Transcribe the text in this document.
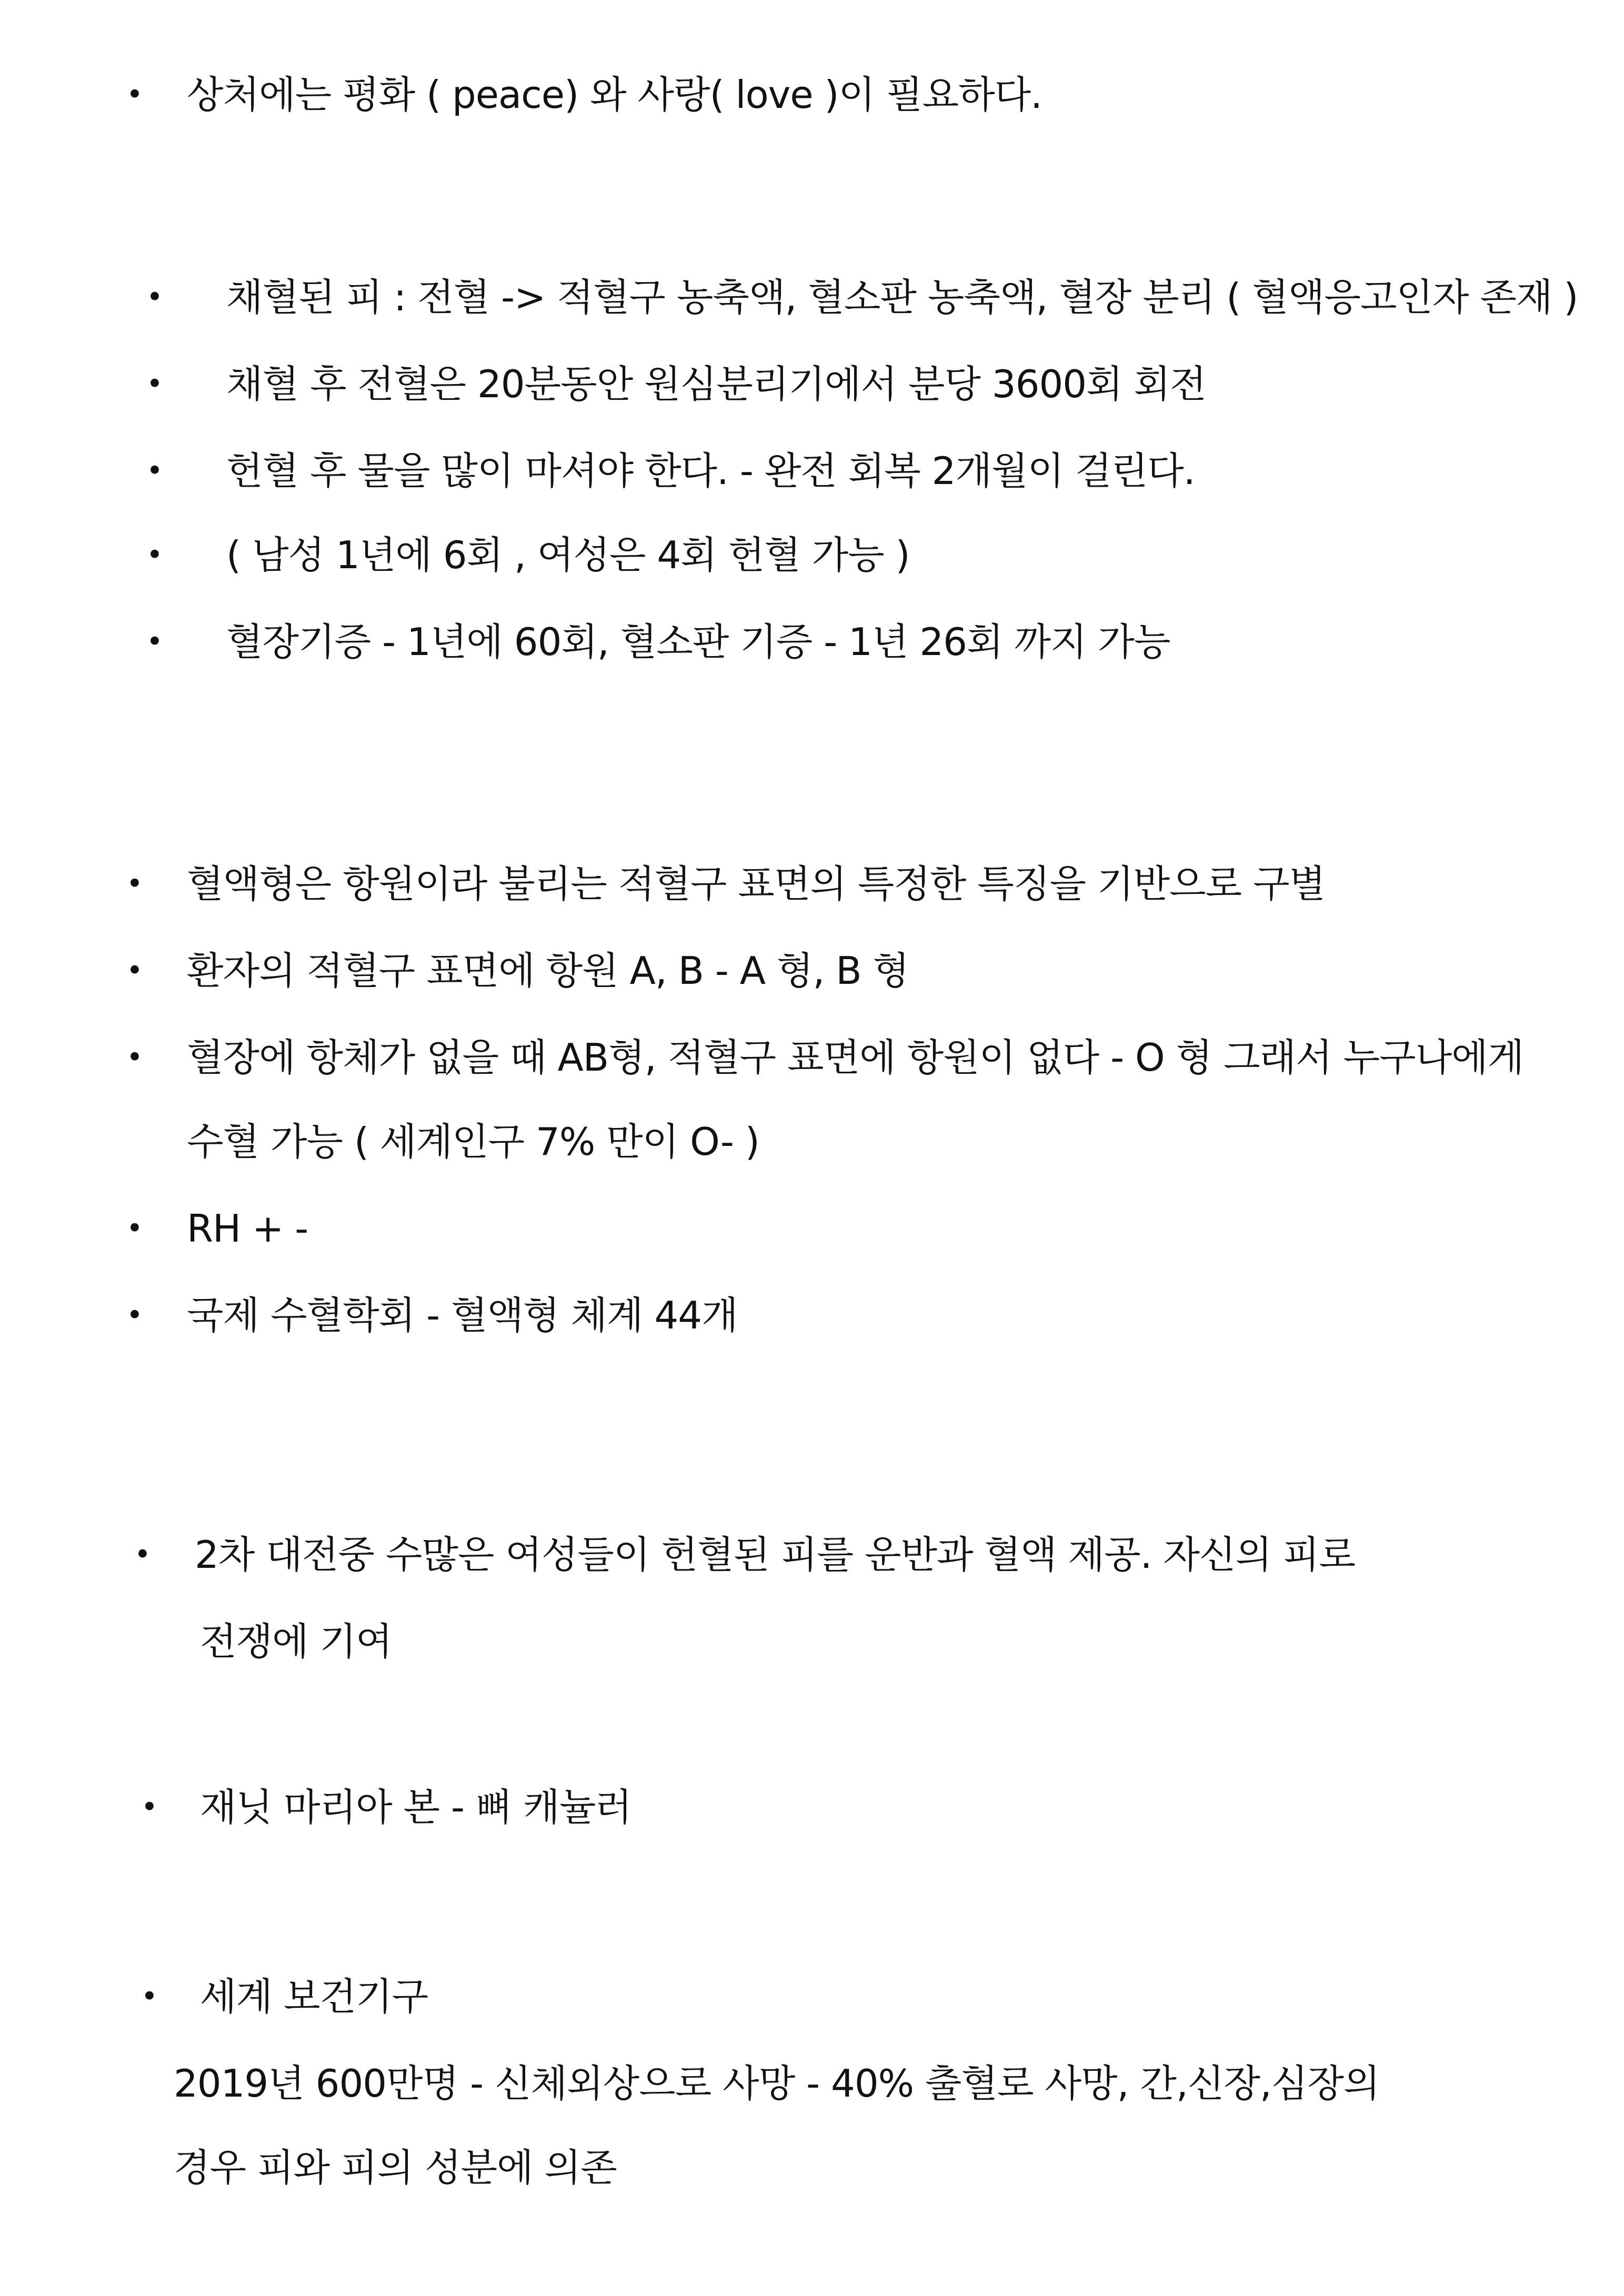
• 상처에는 평화 ( peace) 와 사랑( love )이 필요하다.
• 채혈된 피 : 전혈 -> 적혈구 농축액, 혈소판 농축액, 혈장 분리 ( 혈액응고인자 존재 )
• 채혈 후 전혈은 20분동안 원심분리기에서 분당 3600회 회전
• 헌혈 후 물을 많이 마셔야 한다. - 완전 회복 2개월이 걸린다.
• ( 남성 1년에 6회 , 여성은 4회 헌혈 가능 )
• 혈장기증 - 1년에 60회, 혈소판 기증 - 1년 26회 까지 가능
• 혈액형은 항원이라 불리는 적혈구 표면의 특정한 특징을 기반으로 구별
• 환자의 적혈구 표면에 항원 A, B - A 형, B 형
• 혈장에 항체가 없을 때 AB형, 적혈구 표면에 항원이 없다 - O 형 그래서 누구나에게
수혈 가능 ( 세계인구 7% 만이 O- )
• RH + -
• 국제 수혈학회 - 혈액형 체계 44개
• 2차 대전중 수많은 여성들이 헌혈된 피를 운반과 혈액 제공. 자신의 피로
전쟁에 기여
• 재닛 마리아 본 - 뼈 캐뉼러
• 세계 보건기구
2019년 600만명 - 신체외상으로 사망 - 40% 출혈로 사망, 간,신장,심장의
경우 피와 피의 성분에 의존
